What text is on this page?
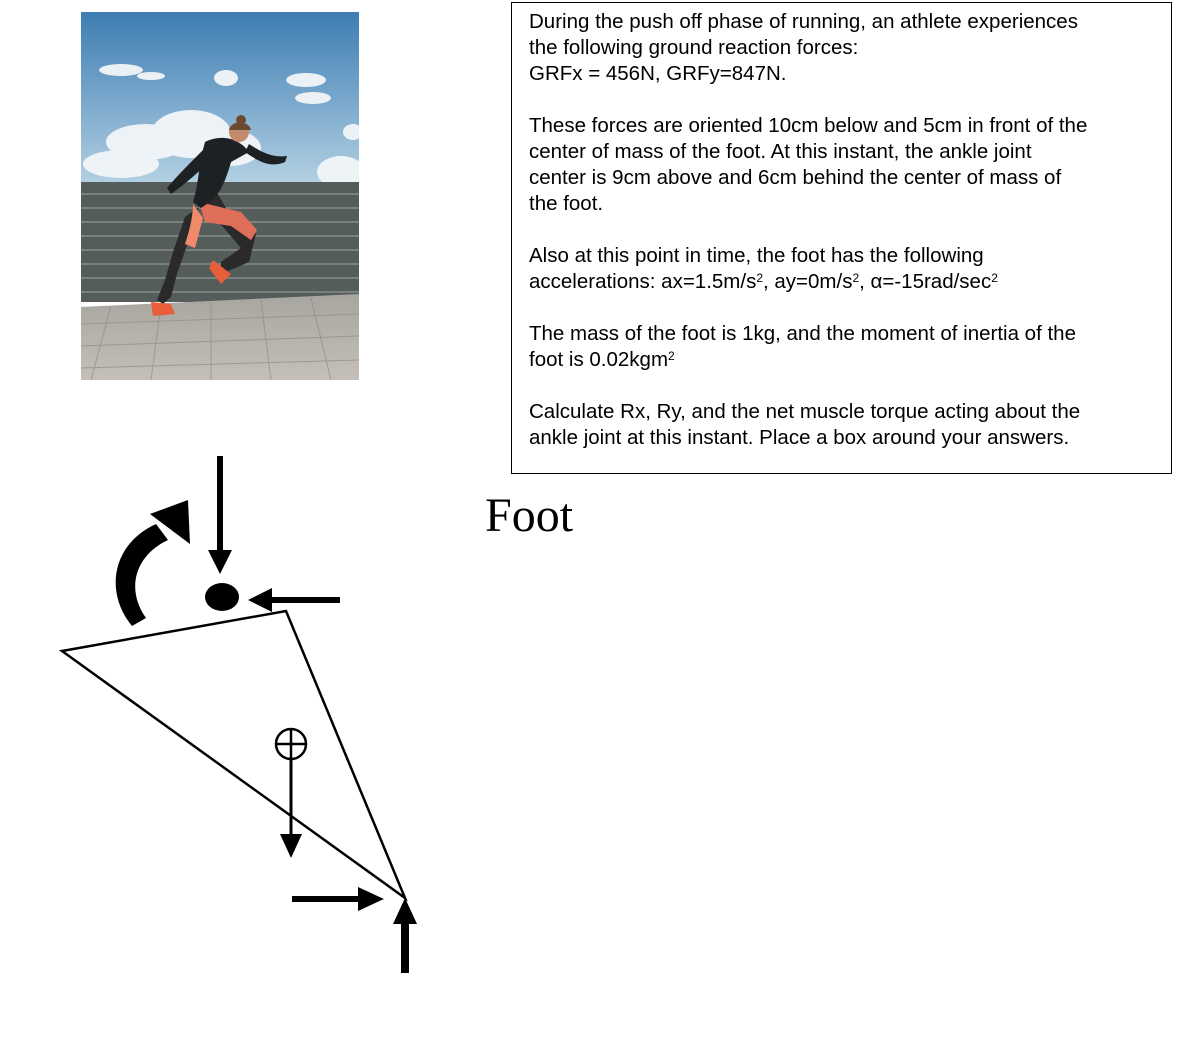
During the push off phase of running, an athlete experiences
the following ground reaction forces:
GRFx = 456N, GRFy=847N.

These forces are oriented 10cm below and 5cm in front of the
center of mass of the foot. At this instant, the ankle joint
center is 9cm above and 6cm behind the center of mass of
the foot.

Also at this point in time, the foot has the following
accelerations: $ax=1.5m/s^2$, $ay=0m/s^2$, $\alpha=-15rad/\sec^2$

The mass of the foot is 1kg, and the moment of inertia of the
foot is 0.02kgm$^2$

Calculate Rx, Ry, and the net muscle torque acting about the
ankle joint at this instant. Place a box around your answers.

Foot
